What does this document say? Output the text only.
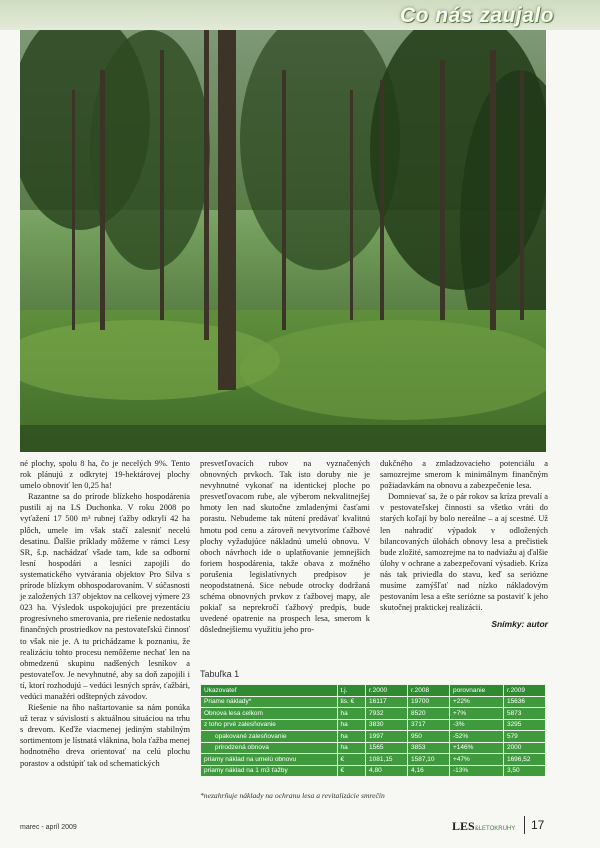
Co nás zaujalo

né plochy, spolu 8 ha, čo je necelých 9%. Tento rok plánujú z odkrytej 19-hektárovej plochy umelo obnoviť len 0,25 ha!

Razantne sa do prírode blízkeho hospodárenia pustili aj na LS Duchonka. V roku 2008 po vyťažení 17 500 m³ rubnej ťažby odkryli 42 ha plôch, umele im však stačí zalesniť necelú desatinu. Ďalšie príklady môžeme v rámci Lesy SR, š.p. nachádzať všade tam, kde sa odborní lesní hospodári a lesníci zapojili do systematického vytvárania objektov Pro Silva s prírode blízkym obhospodarovaním. V súčasnosti je založených 137 objektov na celkovej výmere 23 023 ha. Výsledok uspokojujúci pre prezentáciu progresívneho smerovania, pre riešenie nedostatku finančných prostriedkov na pestovateľskú činnosť to však nie je. A tu prichádzame k poznaniu, že realizáciu tohto procesu nemôžeme nechať len na obmedzenú skupinu nadšených lesníkov a pestovateľov. Je nevyhnutné, aby sa doň zapojili i tí, ktorí rozhodujú – vedúci lesných správ, ťažbári, vedúci manažéri odštepných závodov.

Riešenie na ňho naštartovanie sa nám ponúka už teraz v súvislosti s aktuálnou situáciou na trhu s drevom. Keďže viacmenej jediným stabilným sortimentom je lístnatá vláknina, bola ťažba menej hodnotného dreva orientovať na celú plochu porastov a odstúpiť tak od schematických

presvetľovacích rubov na vyznačených obnovných prvkoch. Tak isto doruby nie je nevyhnutné vykonať na identickej ploche po presvetľovacom rube, ale výberom nekvalitnejšej hmoty len nad skutočne zmladenými časťami porastu. Nebudeme tak nútení predávať kvalitnú hmotu pod cenu a zároveň nevytvoríme ťažbové plochy vyžadujúce nákladnú umelú obnovu. V oboch návrhoch ide o uplatňovanie jemnejších foriem hospodárenia, takže obava z možného porušenia legislatívnych predpisov je neopodstatnená. Sice nebude otrocky dodržaná schéma obnovných prvkov z ťažbovej mapy, ale pokiaľ sa neprekročí ťažbový predpis, bude uvedené opatrenie na prospech lesa, smerom k dôslednejšiemu využitiu jeho pro-

dukčného a zmladzovacieho potenciálu a samozrejme smerom k minimálnym finančným požiadavkám na obnovu a zabezpečenie lesa.

Domnievať sa, že o pár rokov sa kríza prevalí a v pestovateľskej činnosti sa všetko vráti do starých koľají by bolo nereálne – a aj scestné. Už len nahradiť výpadok v odložených bilancovaných úlohách obnovy lesa a prečistiek bude zložité, samozrejme na to nadviažu aj ďalšie úlohy v ochrane a zabezpečovaní výsadieb. Kríza nás tak priviedla do stavu, keď sa seriózne musíme zamýšľať nad nízko nákladovým pestovaním lesa a ešte seriózne sa postaviť k jeho skutočnej praktickej realizácii.

Snímky: autor
Tabuľka 1
Ukazovateľ	t.j.	r.2000	r.2008	porovnanie	r.2009
Priame náklady*	tis. €	16117	19700	+22%	15636
Obnova lesa celkom	ha	7932	8520	+7%	5873
z toho prvé zalesňovanie	ha	3830	3717	-3%	3295
opakované zalesňovanie	ha	1997	950	-52%	579
prirodzená obnova	ha	1565	3853	+146%	2000
priamy náklad na umelú obnovu	€	1081,15	1587,10	+47%	1696,52
priamy náklad na 1 m3 ťažby	€	4,80	4,16	-13%	3,50
*nezahrňuje náklady na ochranu lesa a revitalizácie smrečín
marec - apríl 2009	LES&LETOKRUHY 17
